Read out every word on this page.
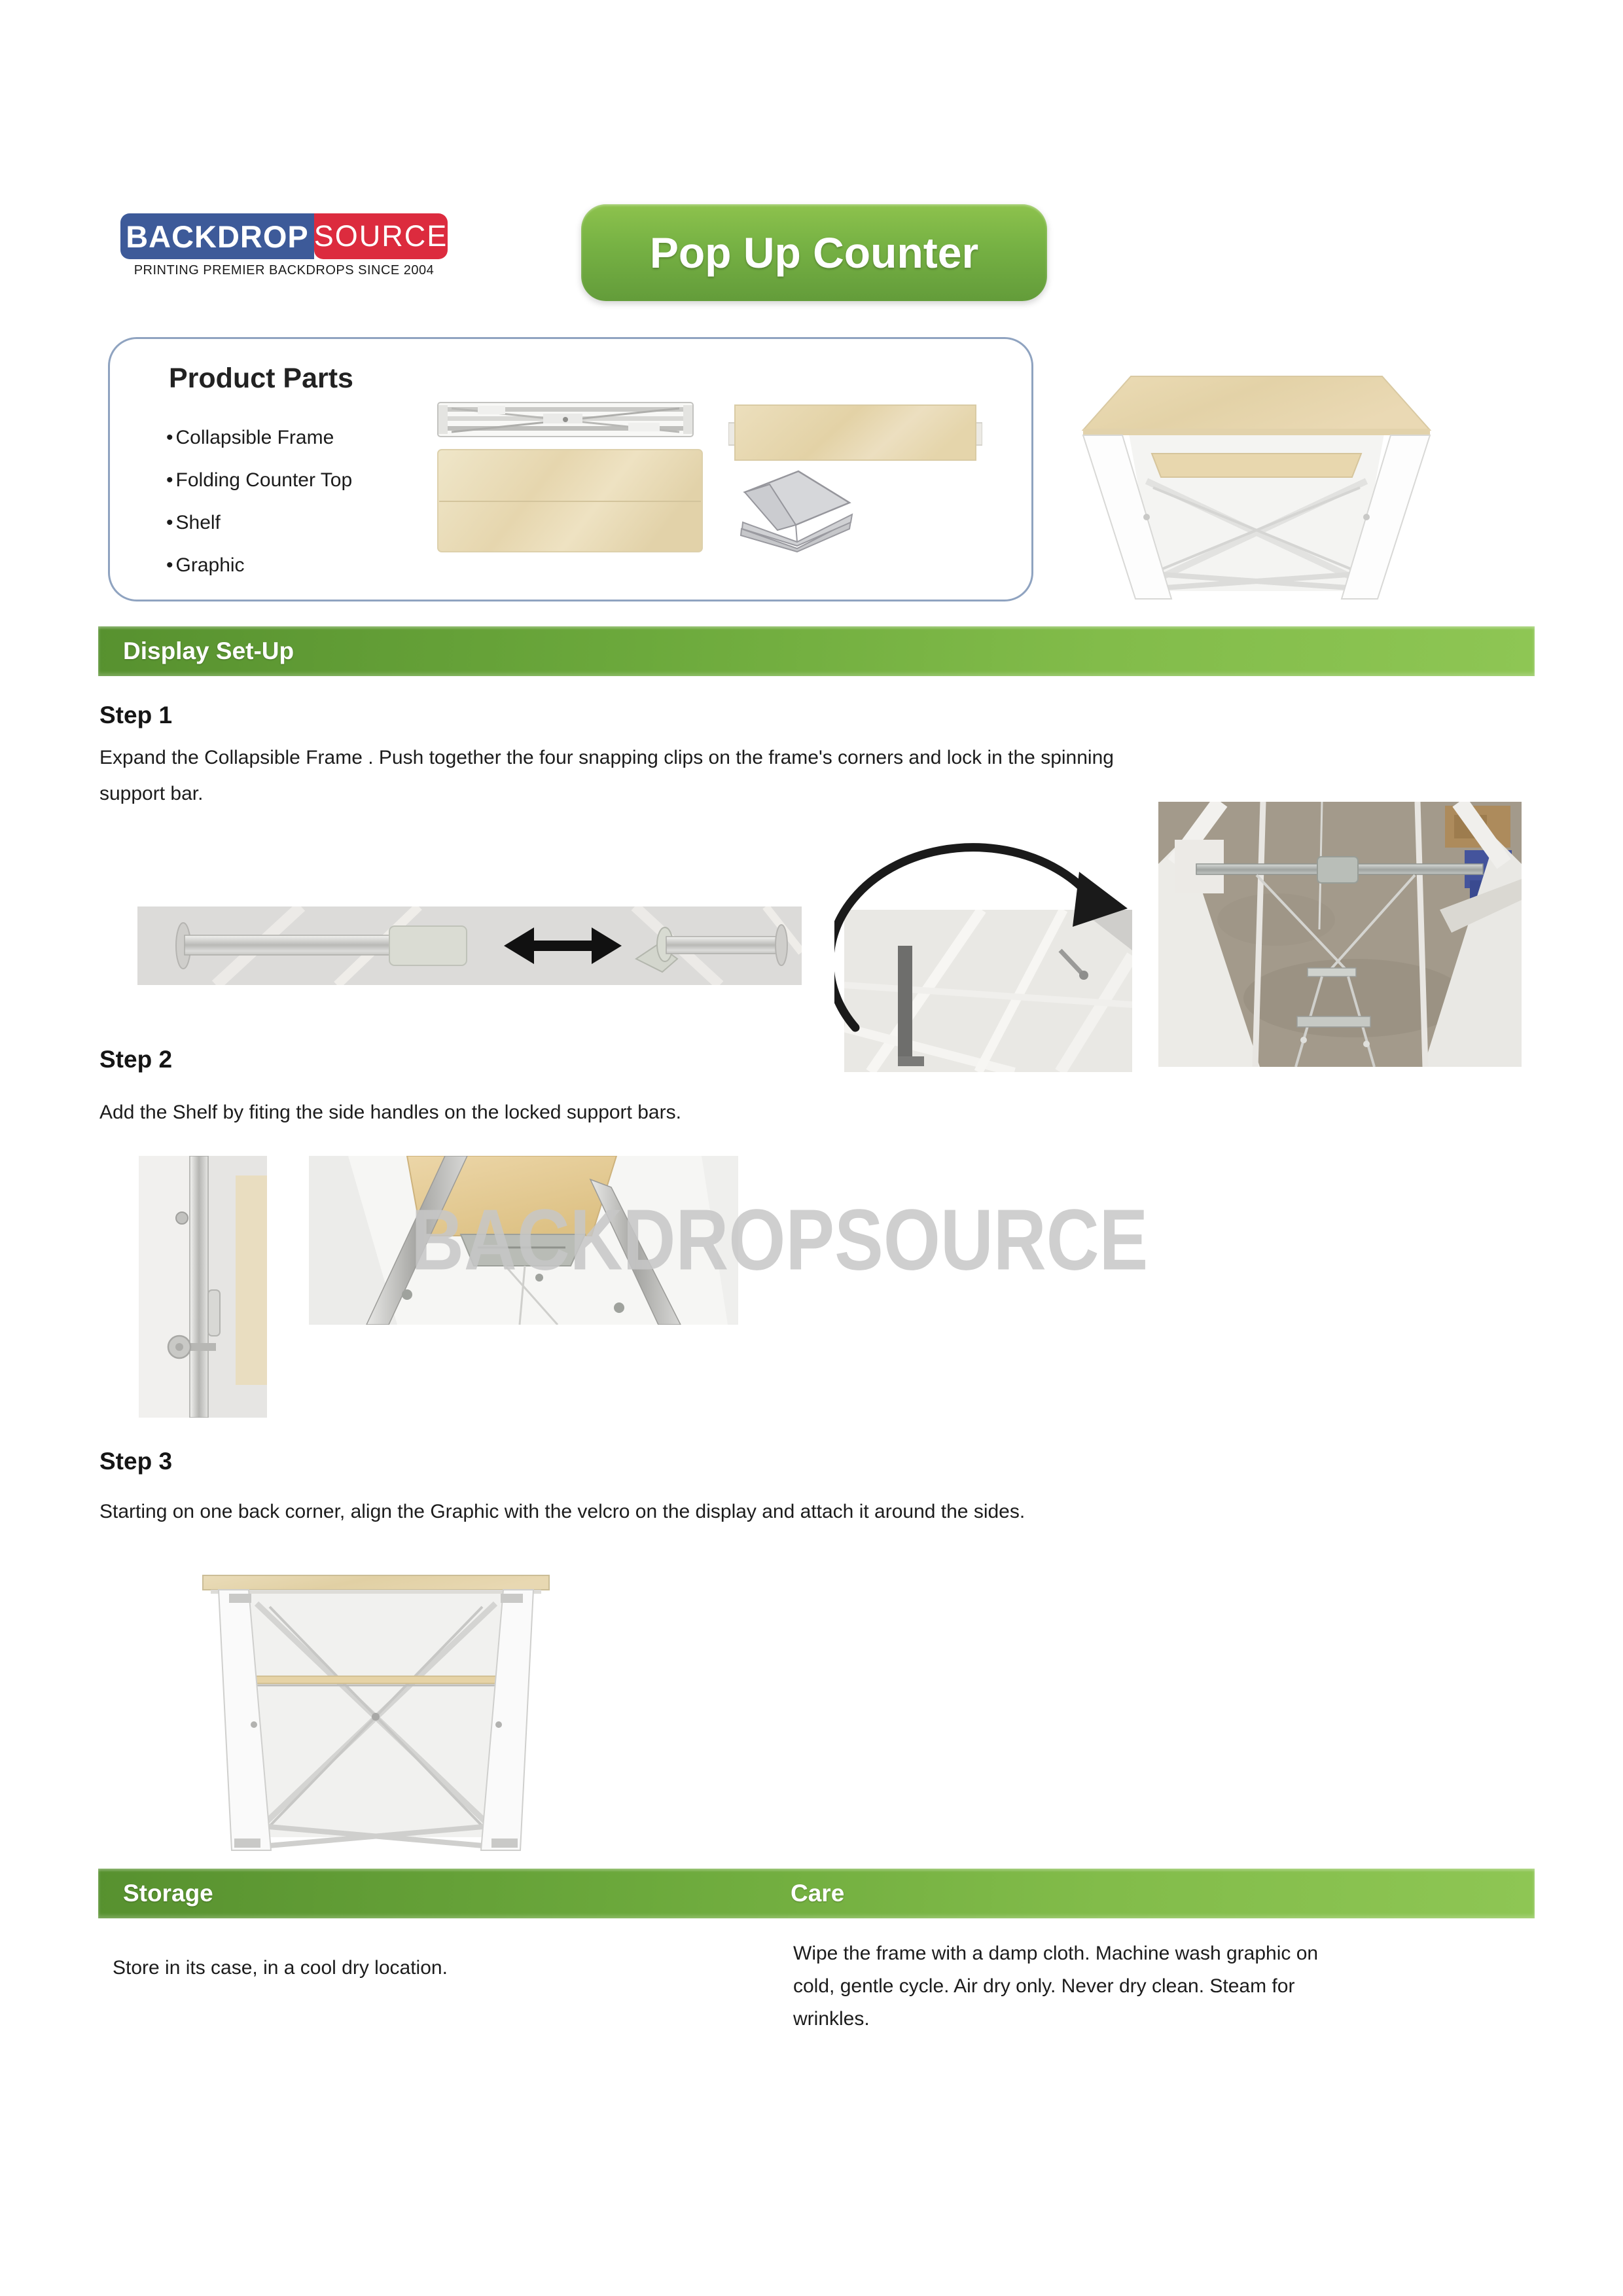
BACKDROP SOURCE
PRINTING PREMIER BACKDROPS SINCE 2004	Pop Up Counter
Product Parts
• Collapsible Frame
• Folding Counter Top
• Shelf
• Graphic
Display Set-Up
Step 1
Expand the Collapsible Frame . Push together the four snapping clips on the frame's corners and lock in the spinning support bar.
Step 2
Add the Shelf by fiting the side handles on the locked support bars.
BACKDROPSOURCE
Step 3
Starting on one back corner, align the Graphic with the velcro on the display and attach it around the sides.
Storage	Care
Store in its case, in a cool dry location.
Wipe the frame with a damp cloth. Machine wash graphic on cold, gentle cycle. Air dry only. Never dry clean. Steam for wrinkles.
